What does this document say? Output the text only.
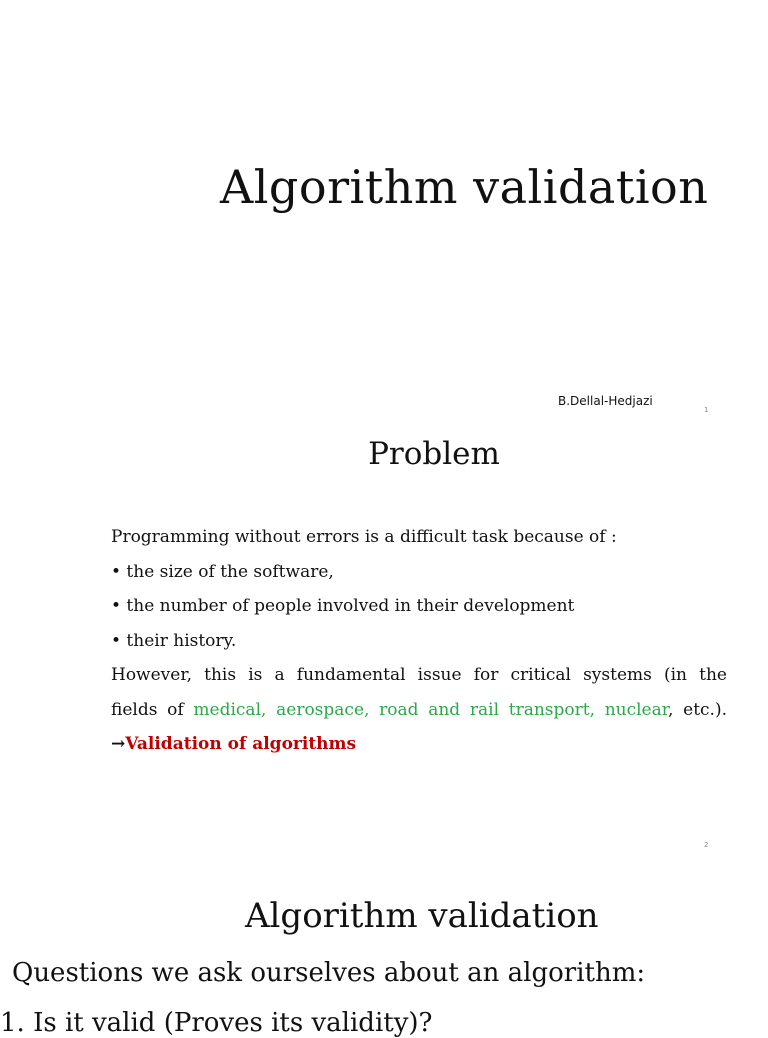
Algorithm validation
B.Dellal-Hedjazi
1
Problem
Programming without errors is a difficult task because of :
• the size of the software,
• the number of people involved in their development
• their history.
However, this is a fundamental issue for critical systems (in the
fields of medical, aerospace, road and rail transport, nuclear, etc.).
→Validation of algorithms
2
Algorithm validation
Questions we ask ourselves about an algorithm:
1. Is it valid (Proves its validity)?
